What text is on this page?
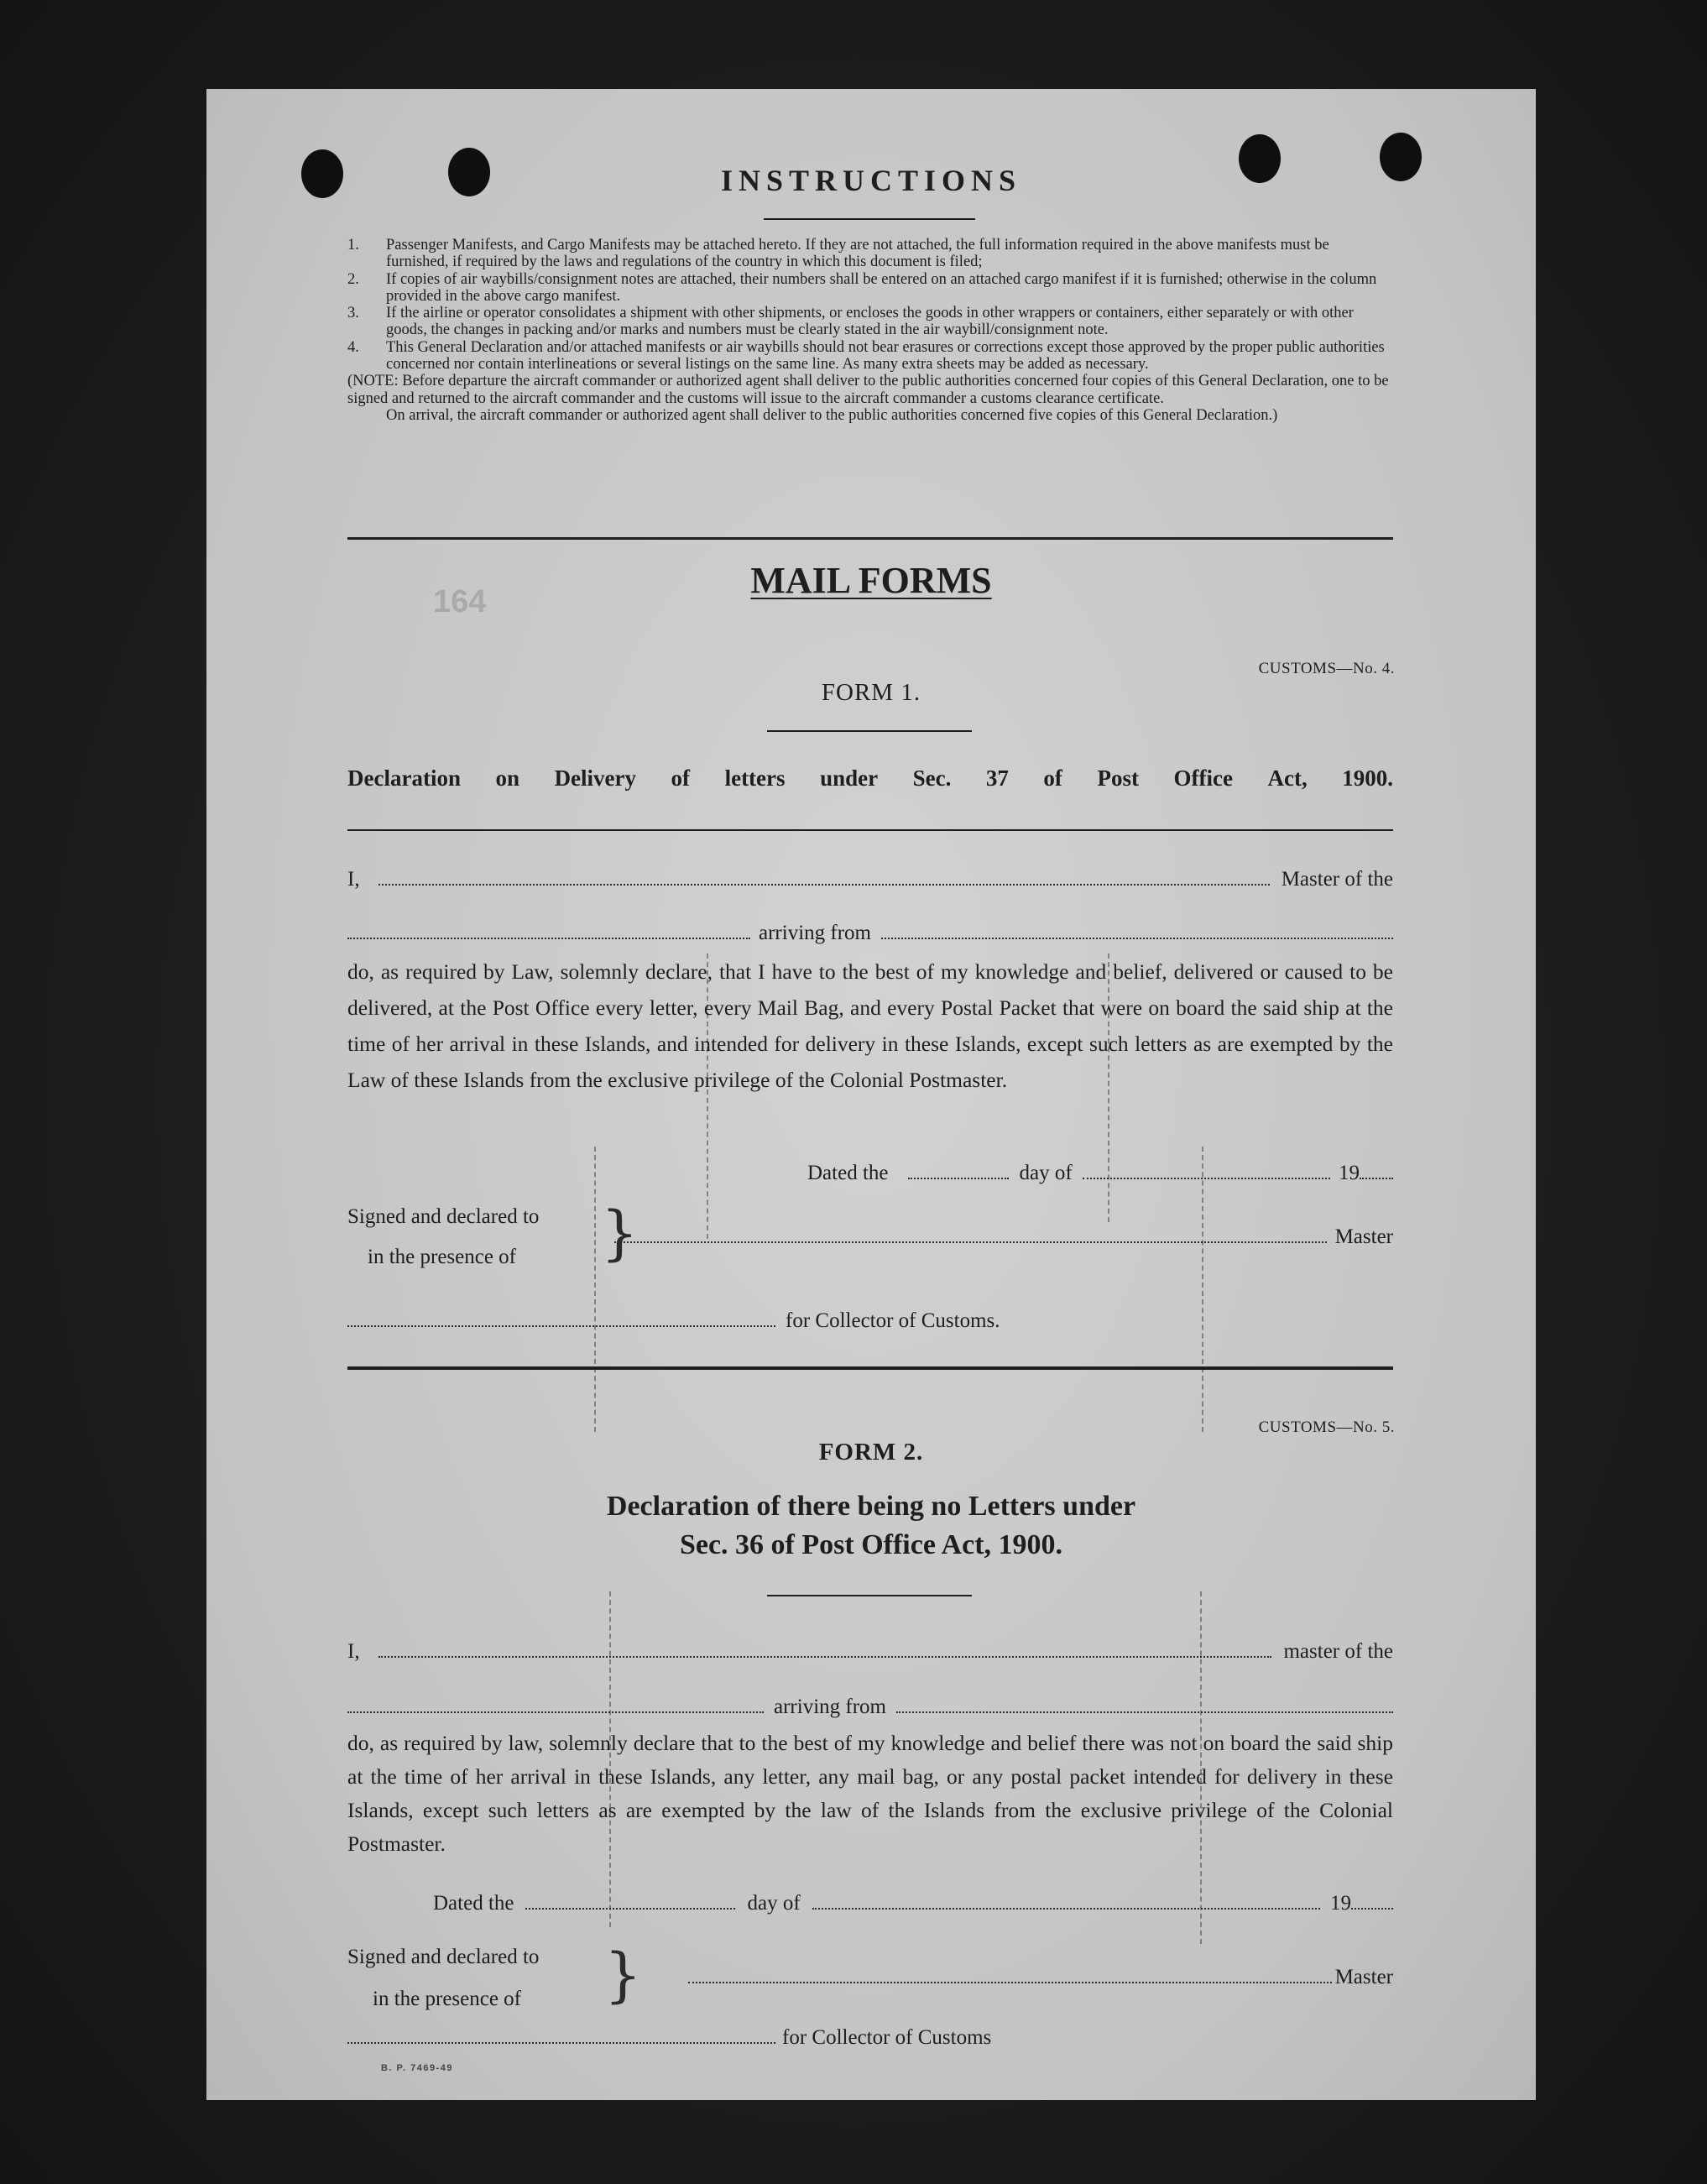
164
INSTRUCTIONS
1. Passenger Manifests, and Cargo Manifests may be attached hereto. If they are not attached, the full information required in the above manifests must be furnished, if required by the laws and regulations of the country in which this document is filed;
2. If copies of air waybills/consignment notes are attached, their numbers shall be entered on an attached cargo manifest if it is furnished; otherwise in the column provided in the above cargo manifest.
3. If the airline or operator consolidates a shipment with other shipments, or encloses the goods in other wrappers or containers, either separately or with other goods, the changes in packing and/or marks and numbers must be clearly stated in the air waybill/consignment note.
4. This General Declaration and/or attached manifests or air waybills should not bear erasures or corrections except those approved by the proper public authorities concerned nor contain interlineations or several listings on the same line. As many extra sheets may be added as necessary.
(NOTE: Before departure the aircraft commander or authorized agent shall deliver to the public authorities concerned four copies of this General Declaration, one to be signed and returned to the aircraft commander and the customs will issue to the aircraft commander a customs clearance certificate.
On arrival, the aircraft commander or authorized agent shall deliver to the public authorities concerned five copies of this General Declaration.)
MAIL FORMS
CUSTOMS—No. 4.
FORM 1.
Declaration on Delivery of letters under Sec. 37 of Post Office Act, 1900.
I,	Master of the
arriving from
do, as required by Law, solemnly declare, that I have to the best of my knowledge and belief, delivered or caused to be delivered, at the Post Office every letter, every Mail Bag, and every Postal Packet that were on board the said ship at the time of her arrival in these Islands, and intended for delivery in these Islands, except such letters as are exempted by the Law of these Islands from the exclusive privilege of the Colonial Postmaster.
Dated the	day of	19
Signed and declared to
in the presence of }	Master
for Collector of Customs.
CUSTOMS—No. 5.
FORM 2.
Declaration of there being no Letters under
Sec. 36 of Post Office Act, 1900.
I,	master of the
arriving from
do, as required by law, solemnly declare that to the best of my knowledge and belief there was not on board the said ship at the time of her arrival in these Islands, any letter, any mail bag, or any postal packet intended for delivery in these Islands, except such letters as are exempted by the law of the Islands from the exclusive privilege of the Colonial Postmaster.
Dated the	day of	19
Signed and declared to
in the presence of }	Master
for Collector of Customs
B. P. 7469-49
